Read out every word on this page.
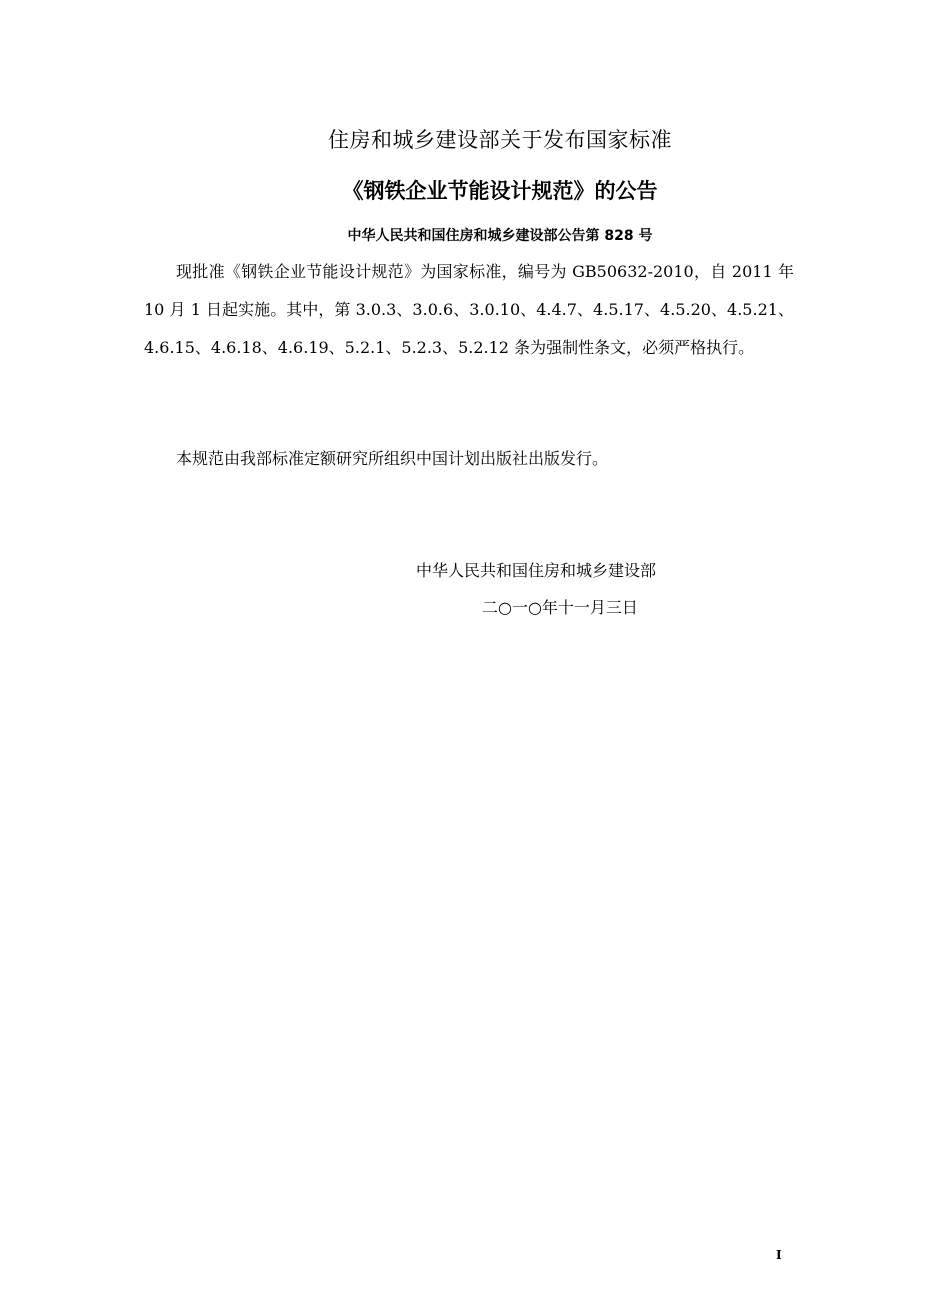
住房和城乡建设部关于发布国家标准
《钢铁企业节能设计规范》的公告
中华人民共和国住房和城乡建设部公告第 828 号
现批准《钢铁企业节能设计规范》为国家标准，编号为 GB50632-2010，自 2011 年 10 月 1 日起实施。其中，第 3.0.3、3.0.6、3.0.10、4.4.7、4.5.17、4.5.20、4.5.21、4.6.15、4.6.18、4.6.19、5.2.1、5.2.3、5.2.12 条为强制性条文，必须严格执行。
本规范由我部标准定额研究所组织中国计划出版社出版发行。
中华人民共和国住房和城乡建设部
二○一○年十一月三日
I
